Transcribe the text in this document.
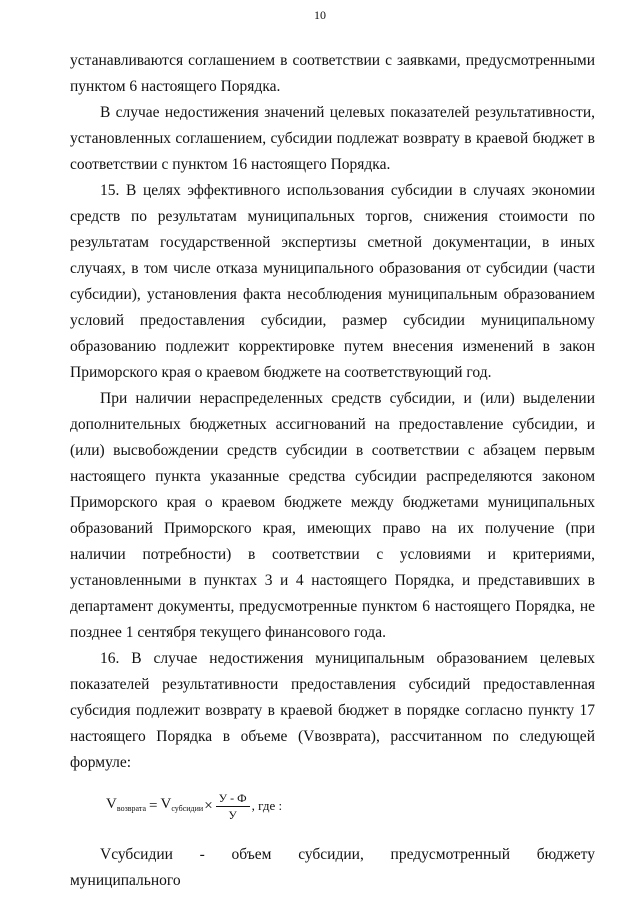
10

устанавливаются соглашением в соответствии с заявками, предусмотренными пунктом 6 настоящего Порядка.

В случае недостижения значений целевых показателей результативности, установленных соглашением, субсидии подлежат возврату в краевой бюджет в соответствии с пунктом 16 настоящего Порядка.

15. В целях эффективного использования субсидии в случаях экономии средств по результатам муниципальных торгов, снижения стоимости по результатам государственной экспертизы сметной документации, в иных случаях, в том числе отказа муниципального образования от субсидии (части субсидии), установления факта несоблюдения муниципальным образованием условий предоставления субсидии, размер субсидии муниципальному образованию подлежит корректировке путем внесения изменений в закон Приморского края о краевом бюджете на соответствующий год.

При наличии нераспределенных средств субсидии, и (или) выделении дополнительных бюджетных ассигнований на предоставление субсидии, и (или) высвобождении средств субсидии в соответствии с абзацем первым настоящего пункта указанные средства субсидии распределяются законом Приморского края о краевом бюджете между бюджетами муниципальных образований Приморского края, имеющих право на их получение (при наличии потребности) в соответствии с условиями и критериями, установленными в пунктах 3 и 4 настоящего Порядка, и представивших в департамент документы, предусмотренные пунктом 6 настоящего Порядка, не позднее 1 сентября текущего финансового года.

16. В случае недостижения муниципальным образованием целевых показателей результативности предоставления субсидий предоставленная субсидия подлежит возврату в краевой бюджет в порядке согласно пункту 17 настоящего Порядка в объеме (Vвозврата), рассчитанном по следующей формуле:

$V_{возврата} = V_{субсидии} \times \frac{У - Ф}{У}$ , где :

Vсубсидии - объем субсидии, предусмотренный бюджету муниципального
